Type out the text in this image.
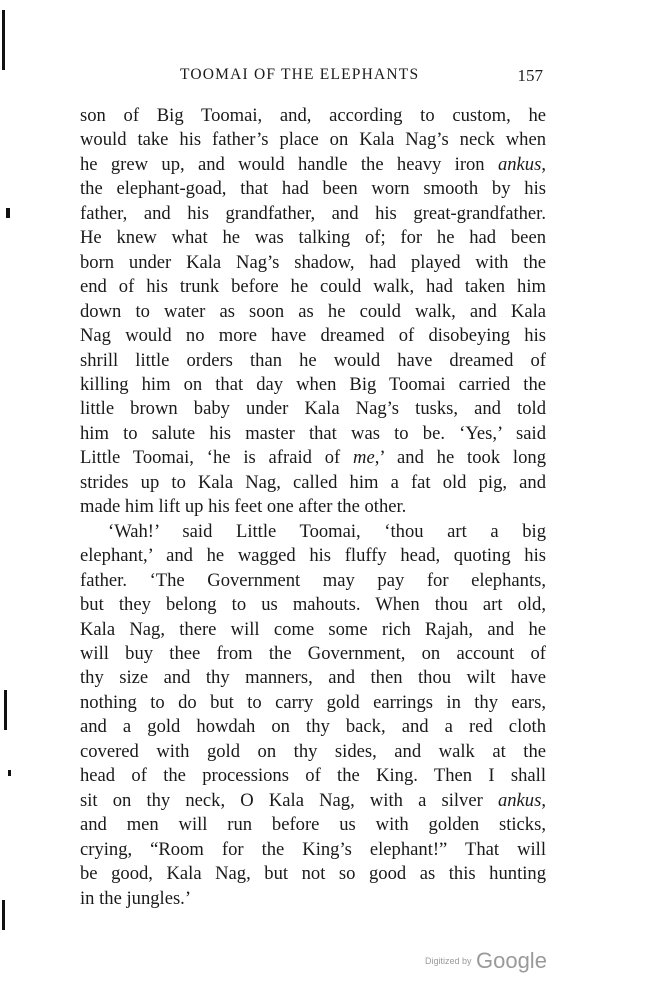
TOOMAI OF THE ELEPHANTS	157
son of Big Toomai, and, according to custom, he
would take his father’s place on Kala Nag’s neck when
he grew up, and would handle the heavy iron ankus,
the elephant-goad, that had been worn smooth by his
father, and his grandfather, and his great-grandfather.
He knew what he was talking of; for he had been
born under Kala Nag’s shadow, had played with the
end of his trunk before he could walk, had taken him
down to water as soon as he could walk, and Kala
Nag would no more have dreamed of disobeying his
shrill little orders than he would have dreamed of
killing him on that day when Big Toomai carried the
little brown baby under Kala Nag’s tusks, and told
him to salute his master that was to be. ‘Yes,’ said
Little Toomai, ‘he is afraid of me,’ and he took long
strides up to Kala Nag, called him a fat old pig, and
made him lift up his feet one after the other.
‘Wah!’ said Little Toomai, ‘thou art a big
elephant,’ and he wagged his fluffy head, quoting his
father. ‘The Government may pay for elephants,
but they belong to us mahouts. When thou art old,
Kala Nag, there will come some rich Rajah, and he
will buy thee from the Government, on account of
thy size and thy manners, and then thou wilt have
nothing to do but to carry gold earrings in thy ears,
and a gold howdah on thy back, and a red cloth
covered with gold on thy sides, and walk at the
head of the processions of the King. Then I shall
sit on thy neck, O Kala Nag, with a silver ankus,
and men will run before us with golden sticks,
crying, “Room for the King’s elephant!” That will
be good, Kala Nag, but not so good as this hunting
in the jungles.’
Digitized by Google
